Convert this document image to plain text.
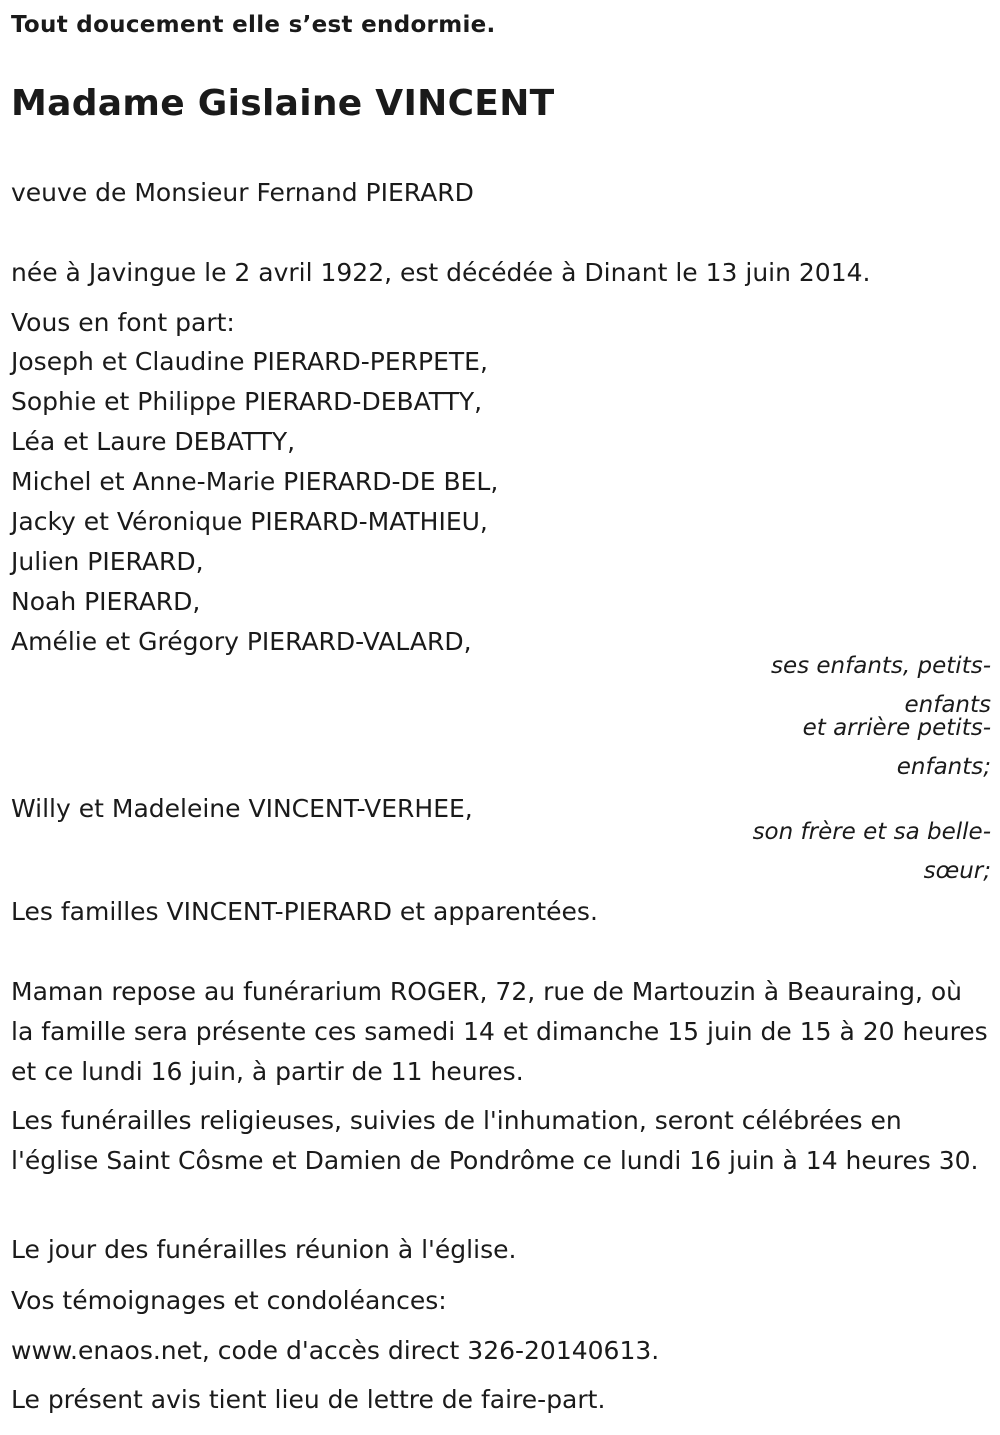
Tout doucement elle s’est endormie.

Madame Gislaine VINCENT

veuve de Monsieur Fernand PIERARD

née à Javingue le 2 avril 1922, est décédée à Dinant le 13 juin 2014.

Vous en font part:

Joseph et Claudine PIERARD-PERPETE,
Sophie et Philippe PIERARD-DEBATTY,
Léa et Laure DEBATTY,
Michel et Anne-Marie PIERARD-DE BEL,
Jacky et Véronique PIERARD-MATHIEU,
Julien PIERARD,
Noah PIERARD,
Amélie et Grégory PIERARD-VALARD,

ses enfants, petits-enfants

et arrière petits-enfants;

Willy et Madeleine VINCENT-VERHEE,

son frère et sa belle-sœur;

Les familles VINCENT-PIERARD et apparentées.

Maman repose au funérarium ROGER, 72, rue de Martouzin à Beauraing, où la famille sera présente ces samedi 14 et dimanche 15 juin de 15 à 20 heures et ce lundi 16 juin, à partir de 11 heures.

Les funérailles religieuses, suivies de l'inhumation, seront célébrées en l'église Saint Côsme et Damien de Pondrôme ce lundi 16 juin à 14 heures 30.

Le jour des funérailles réunion à l'église.

Vos témoignages et condoléances:

www.enaos.net, code d'accès direct 326-20140613.

Le présent avis tient lieu de lettre de faire-part.
